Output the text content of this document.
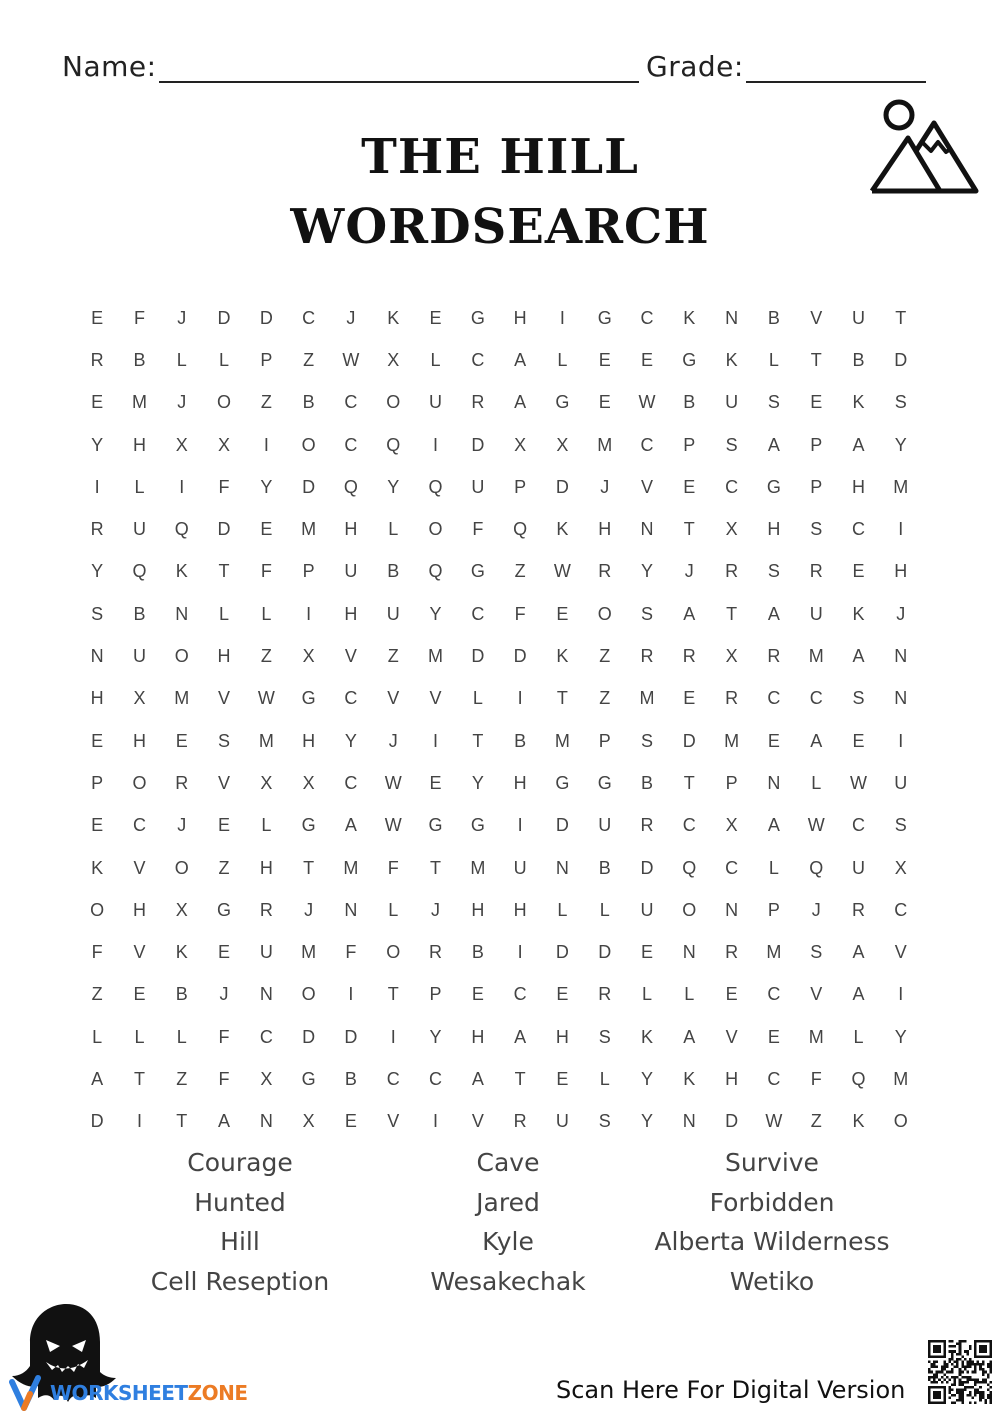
Name:	Grade:
THE HILL WORDSEARCH
E	F	J	D	D	C	J	K	E	G	H	I	G	C	K	N	B	V	U	T
R	B	L	L	P	Z	W	X	L	C	A	L	E	E	G	K	L	T	B	D
E	M	J	O	Z	B	C	O	U	R	A	G	E	W	B	U	S	E	K	S
Y	H	X	X	I	O	C	Q	I	D	X	X	M	C	P	S	A	P	A	Y
I	L	I	F	Y	D	Q	Y	Q	U	P	D	J	V	E	C	G	P	H	M
R	U	Q	D	E	M	H	L	O	F	Q	K	H	N	T	X	H	S	C	I
Y	Q	K	T	F	P	U	B	Q	G	Z	W	R	Y	J	R	S	R	E	H
S	B	N	L	L	I	H	U	Y	C	F	E	O	S	A	T	A	U	K	J
N	U	O	H	Z	X	V	Z	M	D	D	K	Z	R	R	X	R	M	A	N
H	X	M	V	W	G	C	V	V	L	I	T	Z	M	E	R	C	C	S	N
E	H	E	S	M	H	Y	J	I	T	B	M	P	S	D	M	E	A	E	I
P	O	R	V	X	X	C	W	E	Y	H	G	G	B	T	P	N	L	W	U
E	C	J	E	L	G	A	W	G	G	I	D	U	R	C	X	A	W	C	S
K	V	O	Z	H	T	M	F	T	M	U	N	B	D	Q	C	L	Q	U	X
O	H	X	G	R	J	N	L	J	H	H	L	L	U	O	N	P	J	R	C
F	V	K	E	U	M	F	O	R	B	I	D	D	E	N	R	M	S	A	V
Z	E	B	J	N	O	I	T	P	E	C	E	R	L	L	E	C	V	A	I
L	L	L	F	C	D	D	I	Y	H	A	H	S	K	A	V	E	M	L	Y
A	T	Z	F	X	G	B	C	C	A	T	E	L	Y	K	H	C	F	Q	M
D	I	T	A	N	X	E	V	I	V	R	U	S	Y	N	D	W	Z	K	O
Courage	Cave	Survive
Hunted	Jared	Forbidden
Hill	Kyle	Alberta Wilderness
Cell Reseption	Wesakechak	Wetiko
WORKSHEETZONE	Scan Here For Digital Version
